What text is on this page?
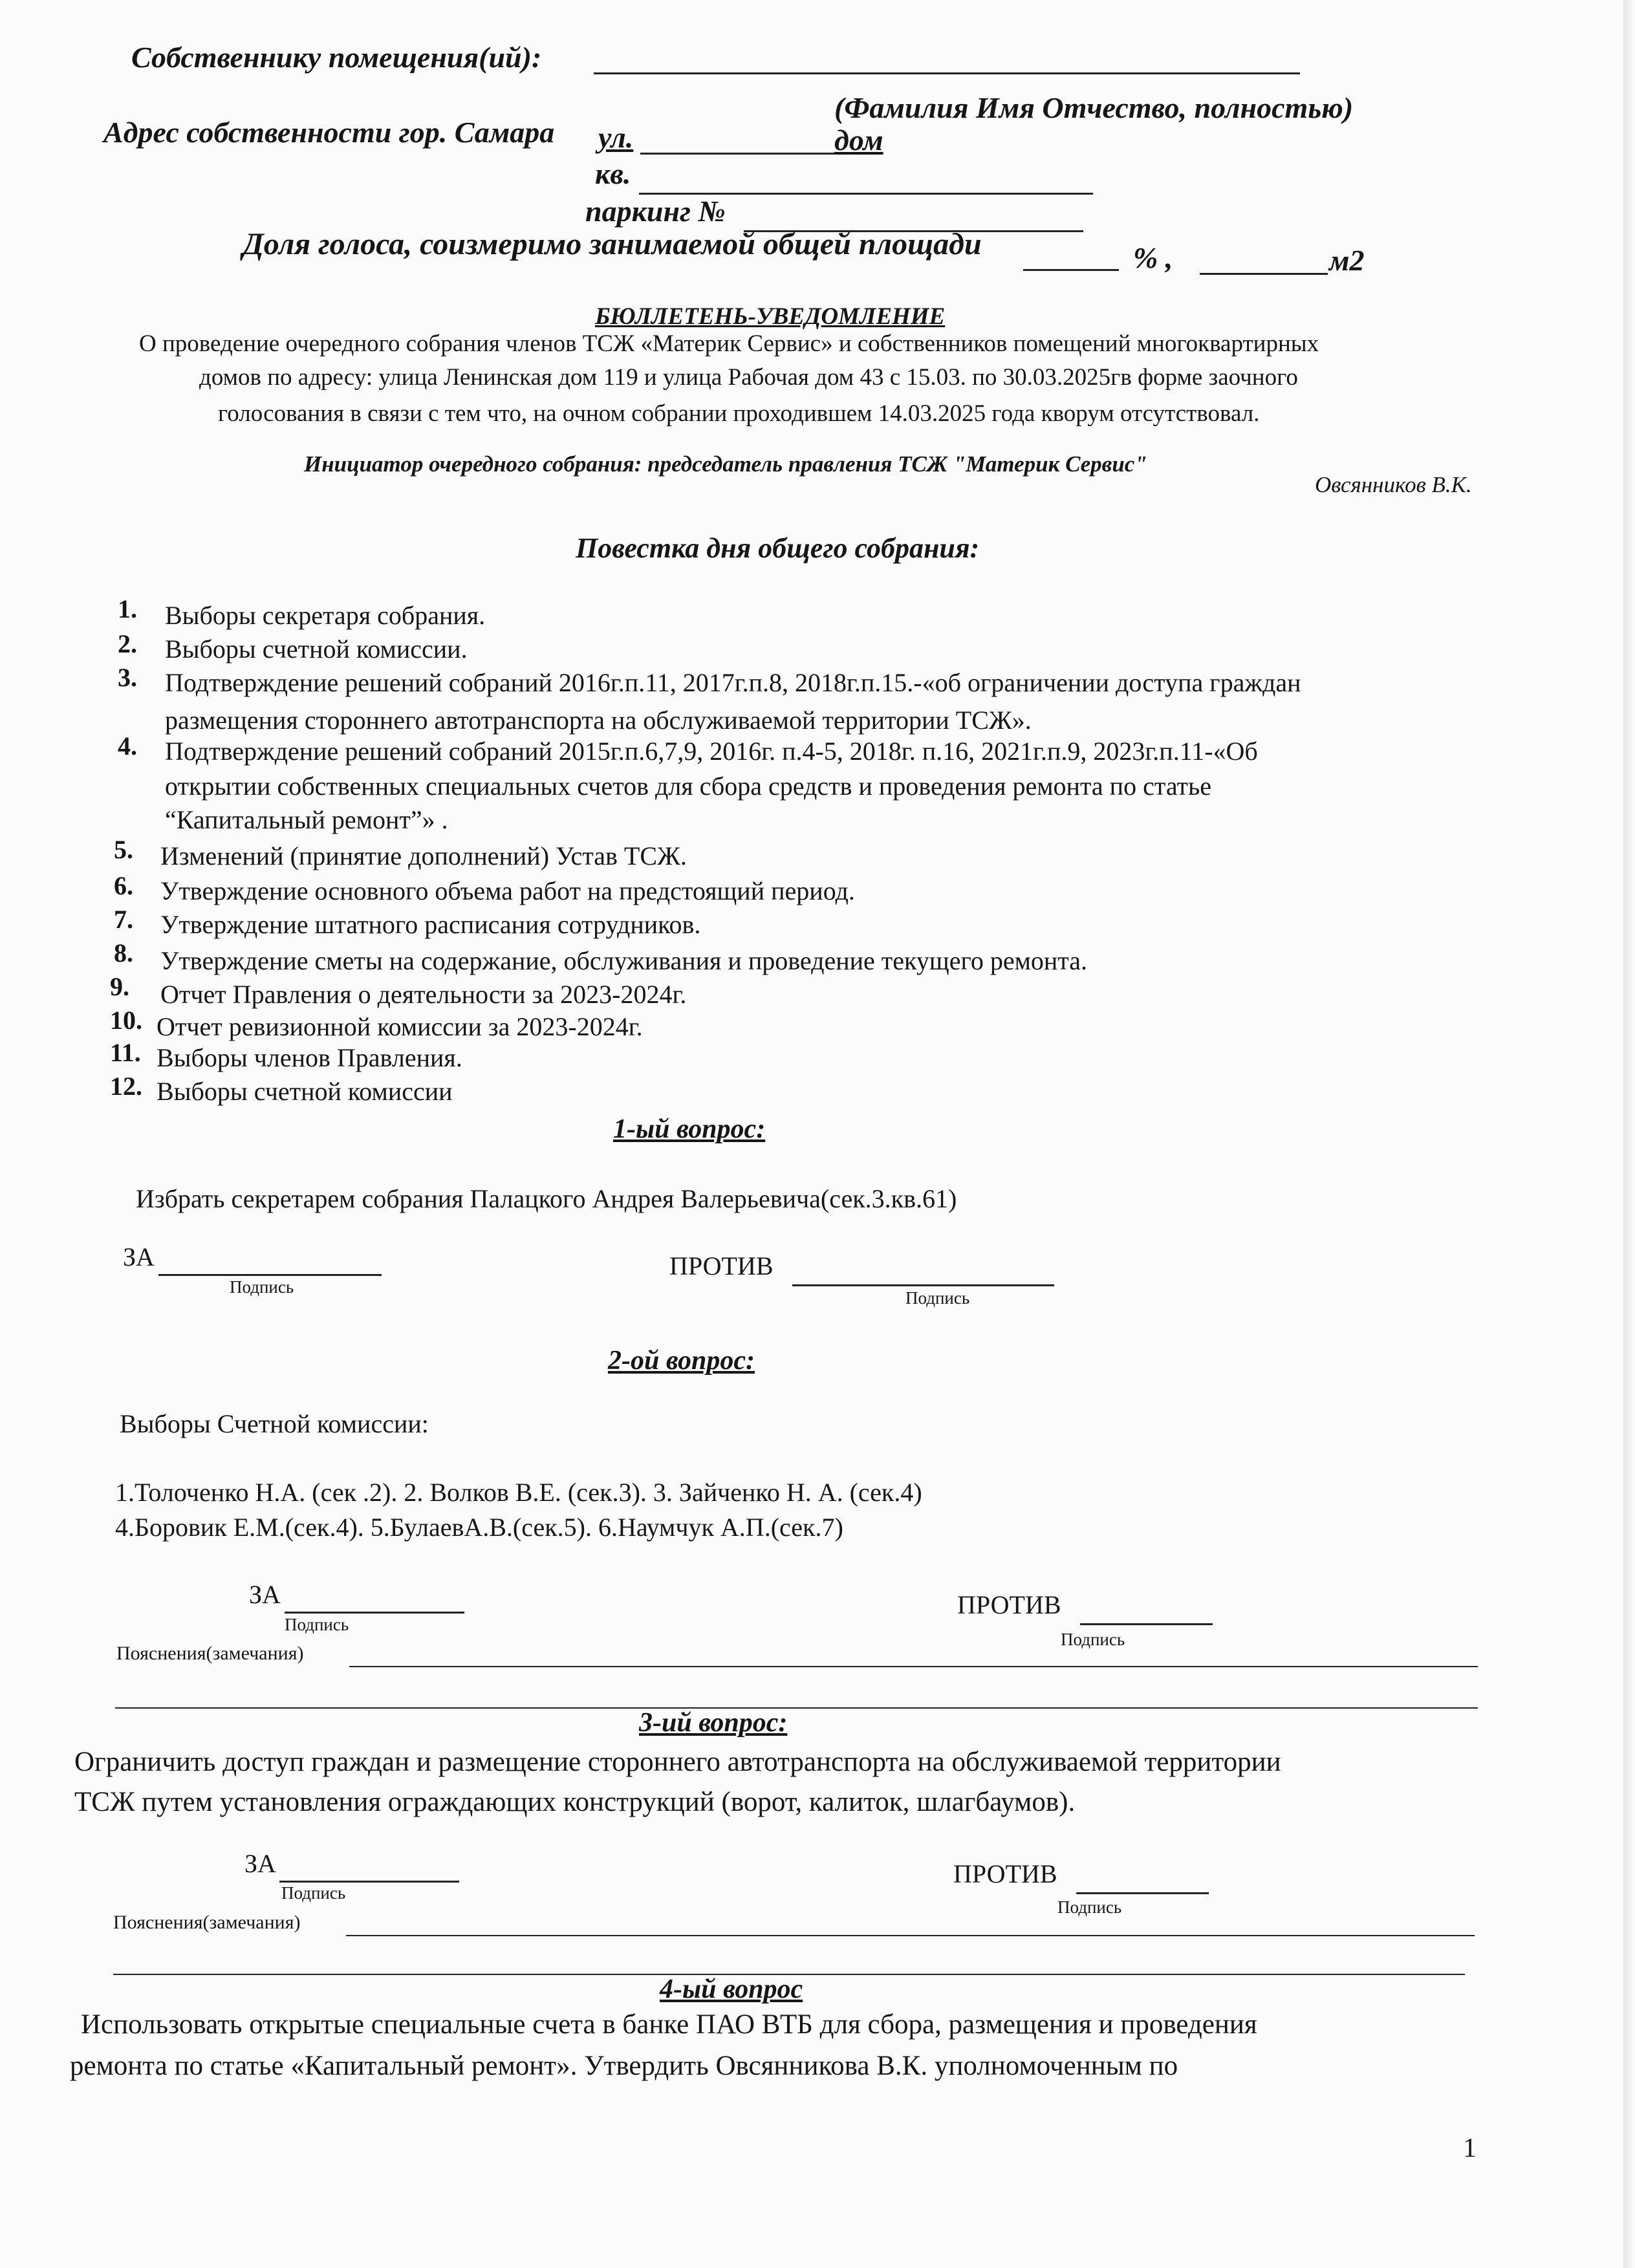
Собственнику помещения(ий):
(Фамилия Имя Отчество, полностью)
Адрес собственности гор. Самара ул.	дом
кв.
паркинг №
Доля голоса, соизмеримо занимаемой общей площади	% ,	м2
БЮЛЛЕТЕНЬ-УВЕДОМЛЕНИЕ
О проведение очередного собрания членов ТСЖ «Материк Сервис» и собственников помещений многоквартирных
домов по адресу: улица Ленинская дом 119 и улица Рабочая дом 43 с 15.03. по 30.03.2025гв форме заочного
голосования в связи с тем что, на очном собрании проходившем 14.03.2025 года кворум отсутствовал.
Инициатор очередного собрания: председатель правления ТСЖ "Материк Сервис"
Овсянников В.К.
Повестка дня общего собрания:
1. Выборы секретаря собрания.
2. Выборы счетной комиссии.
3. Подтверждение решений собраний 2016г.п.11, 2017г.п.8, 2018г.п.15.-«об ограничении доступа граждан
размещения стороннего автотранспорта на обслуживаемой территории ТСЖ».
4. Подтверждение решений собраний 2015г.п.6,7,9, 2016г. п.4-5, 2018г. п.16, 2021г.п.9, 2023г.п.11-«Об
открытии собственных специальных счетов для сбора средств и проведения ремонта по статье
“Капитальный ремонт”» .
5. Изменений (принятие дополнений) Устав ТСЖ.
6. Утверждение основного объема работ на предстоящий период.
7. Утверждение штатного расписания сотрудников.
8. Утверждение сметы на содержание, обслуживания и проведение текущего ремонта.
9. Отчет Правления о деятельности за 2023-2024г.
10. Отчет ревизионной комиссии за 2023-2024г.
11. Выборы членов Правления.
12. Выборы счетной комиссии
1-ый вопрос:
Избрать секретарем собрания Палацкого Андрея Валерьевича(сек.3.кв.61)
ЗА
Подпись
ПРОТИВ
Подпись
2-ой вопрос:
Выборы Счетной комиссии:
1.Толоченко Н.А. (сек .2). 2. Волков В.Е. (сек.3). 3. Зайченко Н. А. (сек.4)
4.Боровик Е.М.(сек.4). 5.БулаевА.В.(сек.5). 6.Наумчук А.П.(сек.7)
ЗА
Подпись
ПРОТИВ
Подпись
Пояснения(замечания)
3-ий вопрос:
Ограничить доступ граждан и размещение стороннего автотранспорта на обслуживаемой территории
ТСЖ путем установления ограждающих конструкций (ворот, калиток, шлагбаумов).
ЗА
Подпись
ПРОТИВ
Подпись
Пояснения(замечания)
4-ый вопрос
Использовать открытые специальные счета в банке ПАО ВТБ для сбора, размещения и проведения
ремонта по статье «Капитальный ремонт». Утвердить Овсянникова В.К. уполномоченным по
1
